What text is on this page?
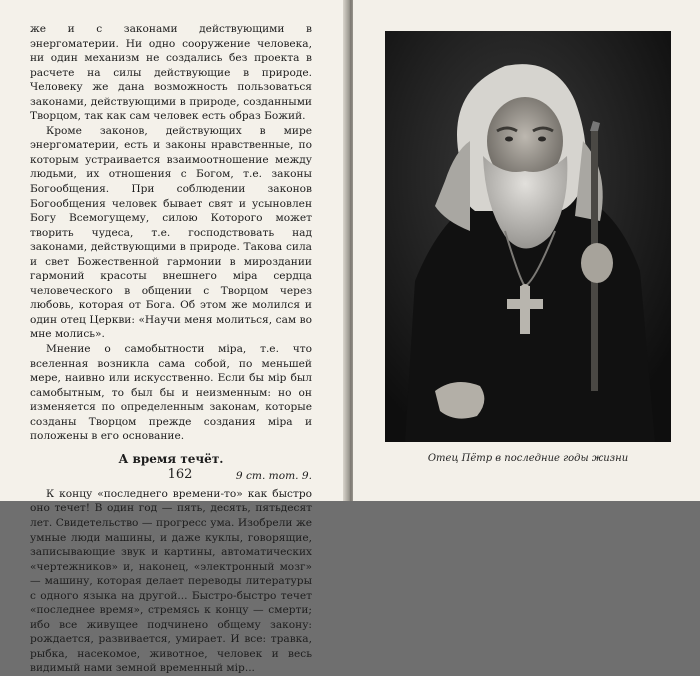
же и с законами действующими в энергоматерии. Ни одно сооружение человека, ни один механизм не создались без проекта в расчете на силы действующие в природе. Человеку же дана возможность пользоваться законами, действующими в природе, созданными Творцом, так как сам человек есть образ Божий.

Кроме законов, действующих в мире энергоматерии, есть и законы нравственные, по которым устраивается взаимоотношение между людьми, их отношения с Богом, т.е. законы Богообщения. При соблюдении законов Богообщения человек бывает свят и усыновлен Богу Всемогущему, силою Которого может творить чудеса, т.е. господствовать над законами, действующими в природе. Такова сила и свет Божественной гармонии в мироздании гармоний красоты внешнего міра сердца человеческого в общении с Творцом через любовь, которая от Бога. Об этом же молился и один отец Церкви: «Научи меня молиться, сам во мне молись».

Мнение о самобытности міра, т.е. что вселенная возникла сама собой, по меньшей мере, наивно или искусственно. Если бы мір был самобытным, то был бы и неизменным: но он изменяется по определенным законам, которые созданы Творцом прежде создания міра и положены в его основание.

А время течёт.
9 ст. тот. 9.

К концу «последнего времени-то» как быстро оно течет! В один год — пять, десять, пятьдесят лет. Свидетельство — прогресс ума. Изобрели же умные люди машины, и даже куклы, говорящие, записывающие звук и картины, автоматических «чертежников» и, наконец, «электронный мозг» — машину, которая делает переводы литературы с одного языка на другой... Быстро-быстро течет «последнее время», стремясь к концу — смерти; ибо все живущее подчинено общему закону: рождается, развивается, умирает. И все: травка, рыбка, насекомое, животное, человек и весь видимый нами земной временный мір...

162
Отец Пётр в последние годы жизни
